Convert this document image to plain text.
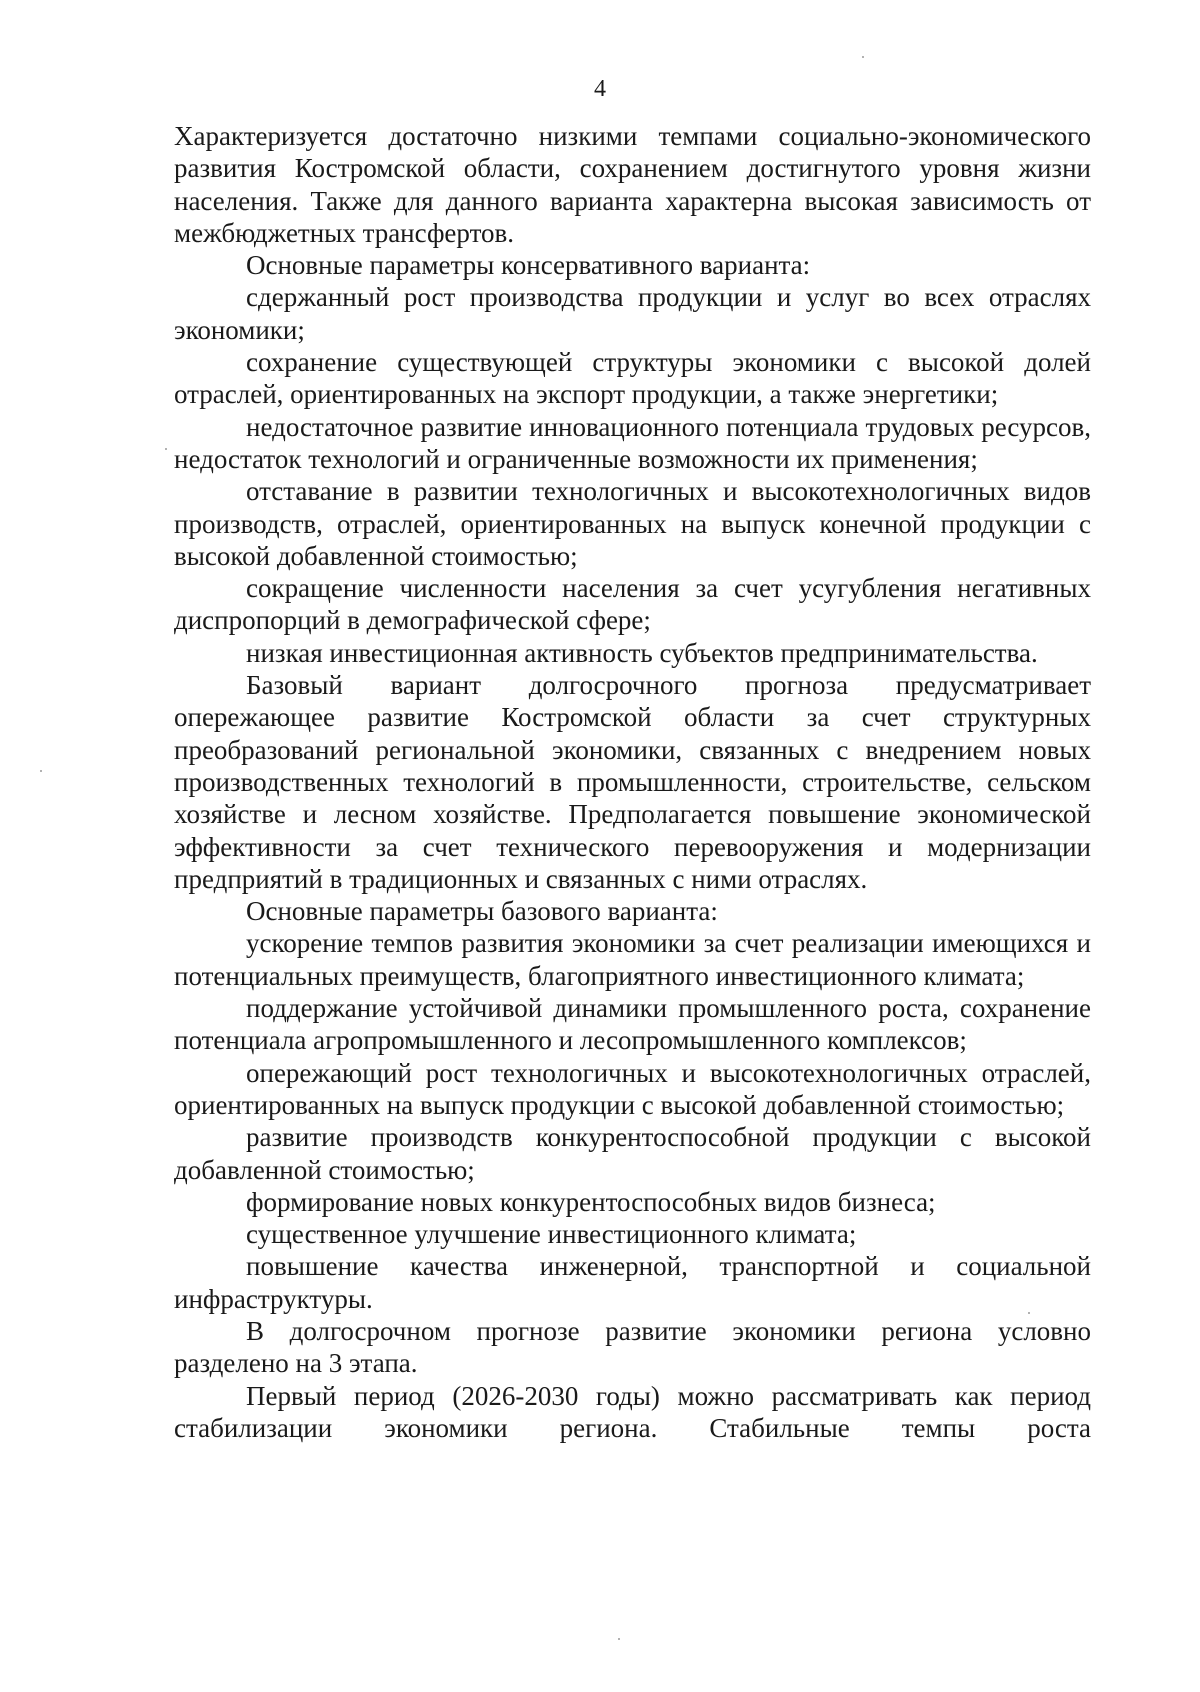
4

Характеризуется достаточно низкими темпами социально-экономического развития Костромской области, сохранением достигнутого уровня жизни населения. Также для данного варианта характерна высокая зависимость от межбюджетных трансфертов.

Основные параметры консервативного варианта:

сдержанный рост производства продукции и услуг во всех отраслях экономики;

сохранение существующей структуры экономики с высокой долей отраслей, ориентированных на экспорт продукции, а также энергетики;

недостаточное развитие инновационного потенциала трудовых ресурсов, недостаток технологий и ограниченные возможности их применения;

отставание в развитии технологичных и высокотехнологичных видов производств, отраслей, ориентированных на выпуск конечной продукции с высокой добавленной стоимостью;

сокращение численности населения за счет усугубления негативных диспропорций в демографической сфере;

низкая инвестиционная активность субъектов предпринимательства.

Базовый вариант долгосрочного прогноза предусматривает опережающее развитие Костромской области за счет структурных преобразований региональной экономики, связанных с внедрением новых производственных технологий в промышленности, строительстве, сельском хозяйстве и лесном хозяйстве. Предполагается повышение экономической эффективности за счет технического перевооружения и модернизации предприятий в традиционных и связанных с ними отраслях.

Основные параметры базового варианта:

ускорение темпов развития экономики за счет реализации имеющихся и потенциальных преимуществ, благоприятного инвестиционного климата;

поддержание устойчивой динамики промышленного роста, сохранение потенциала агропромышленного и лесопромышленного комплексов;

опережающий рост технологичных и высокотехнологичных отраслей, ориентированных на выпуск продукции с высокой добавленной стоимостью;

развитие производств конкурентоспособной продукции с высокой добавленной стоимостью;

формирование новых конкурентоспособных видов бизнеса;

существенное улучшение инвестиционного климата;

повышение качества инженерной, транспортной и социальной инфраструктуры.

В долгосрочном прогнозе развитие экономики региона условно разделено на 3 этапа.

Первый период (2026-2030 годы) можно рассматривать как период стабилизации экономики региона. Стабильные темпы роста
